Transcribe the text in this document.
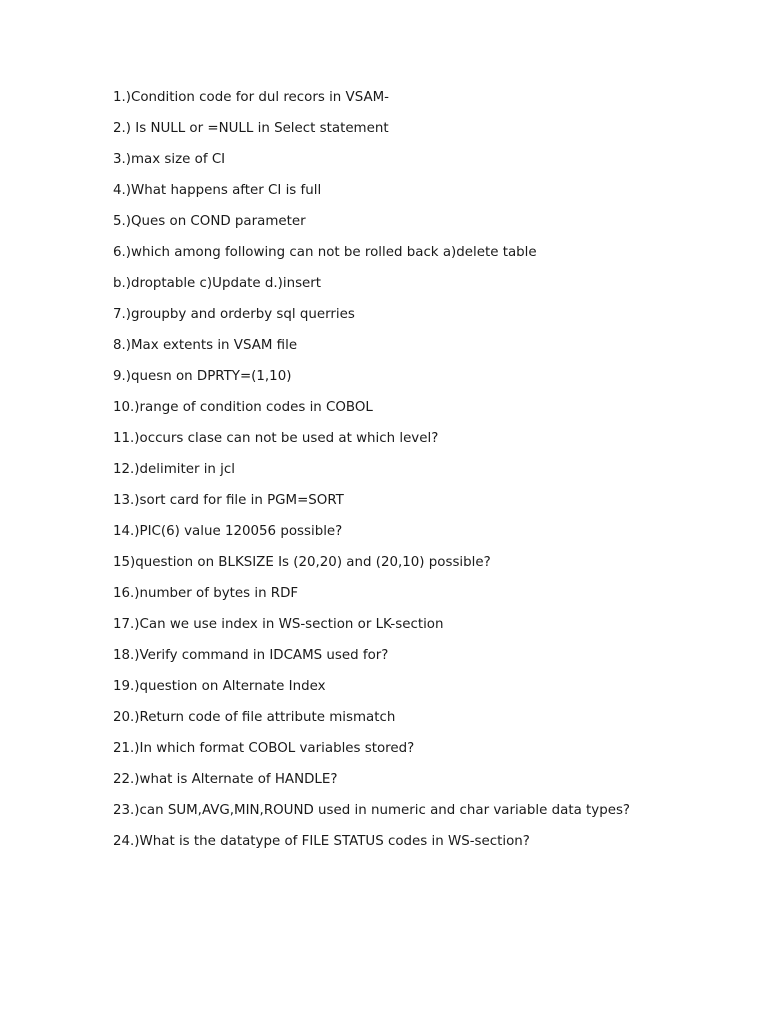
1.)Condition code for dul recors in VSAM-
2.) Is NULL or =NULL in Select statement
3.)max size of CI
4.)What happens after CI is full
5.)Ques on COND parameter
6.)which among following can not be rolled back a)delete table
b.)droptable c)Update d.)insert
7.)groupby and orderby sql querries
8.)Max extents in VSAM file
9.)quesn on DPRTY=(1,10)
10.)range of condition codes in COBOL
11.)occurs clase can not be used at which level?
12.)delimiter in jcl
13.)sort card for file in PGM=SORT
14.)PIC(6) value 120056 possible?
15)question on BLKSIZE Is (20,20) and (20,10) possible?
16.)number of bytes in RDF
17.)Can we use index in WS-section or LK-section
18.)Verify command in IDCAMS used for?
19.)question on Alternate Index
20.)Return code of file attribute mismatch
21.)In which format COBOL variables stored?
22.)what is Alternate of HANDLE?
23.)can SUM,AVG,MIN,ROUND used in numeric and char variable data types?
24.)What is the datatype of FILE STATUS codes in WS-section?
